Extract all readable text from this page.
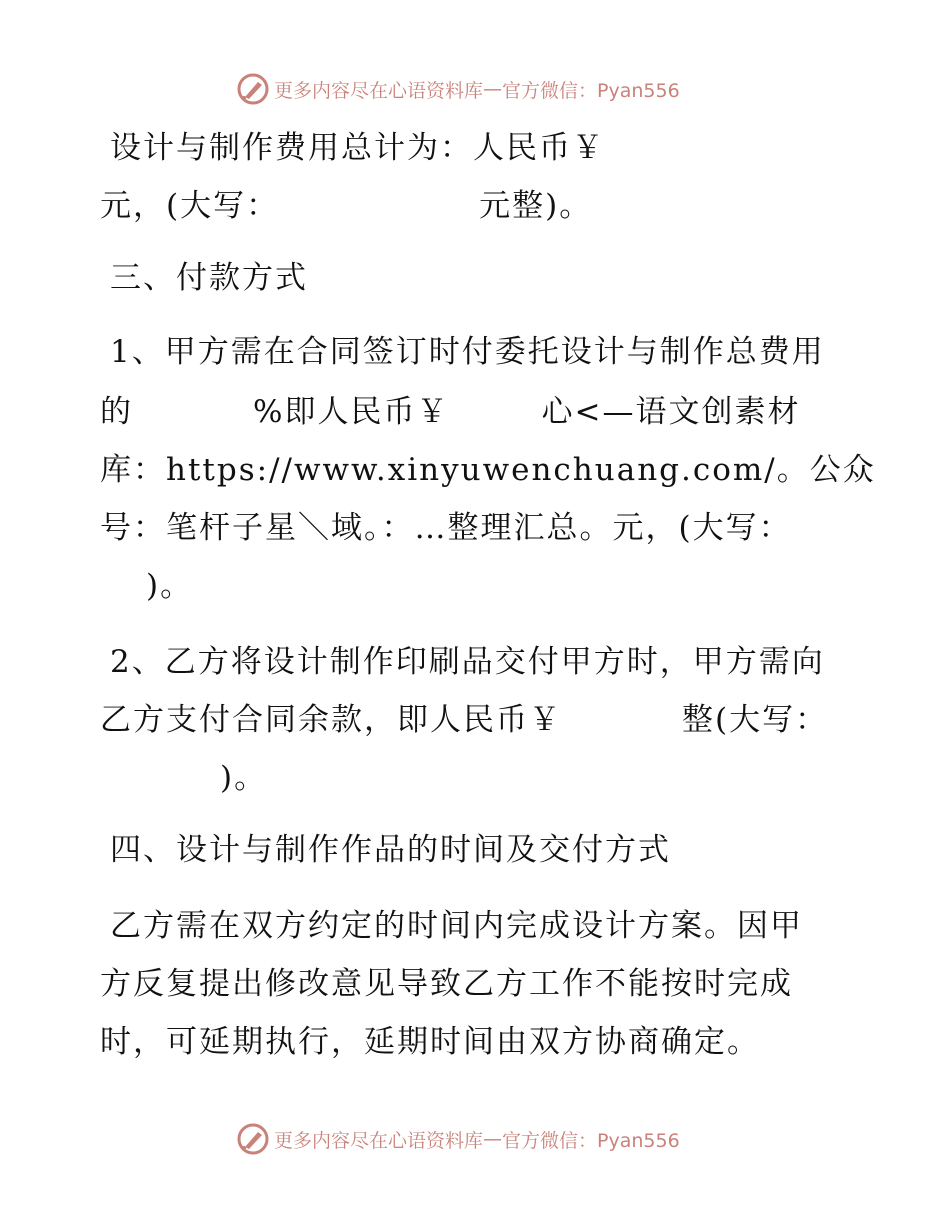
更多内容尽在心语资料库 — 官方微信：Pyan556
设计与制作费用总计为：人民币￥
元，(大写：	元整)。
三、付款方式
1、甲方需在合同签订时付委托设计与制作总费用
的	%即人民币￥	心<—语文创素材
库：https://www.xinyuwenchuang.com/。公众
号：笔杆子星＼域。：…整理汇总。元，(大写：
)。
2、乙方将设计制作印刷品交付甲方时，甲方需向
乙方支付合同余款，即人民币￥	整(大写：
)。
四、设计与制作作品的时间及交付方式
乙方需在双方约定的时间内完成设计方案。因甲
方反复提出修改意见导致乙方工作不能按时完成
时，可延期执行，延期时间由双方协商确定。
更多内容尽在心语资料库 — 官方微信：Pyan556
